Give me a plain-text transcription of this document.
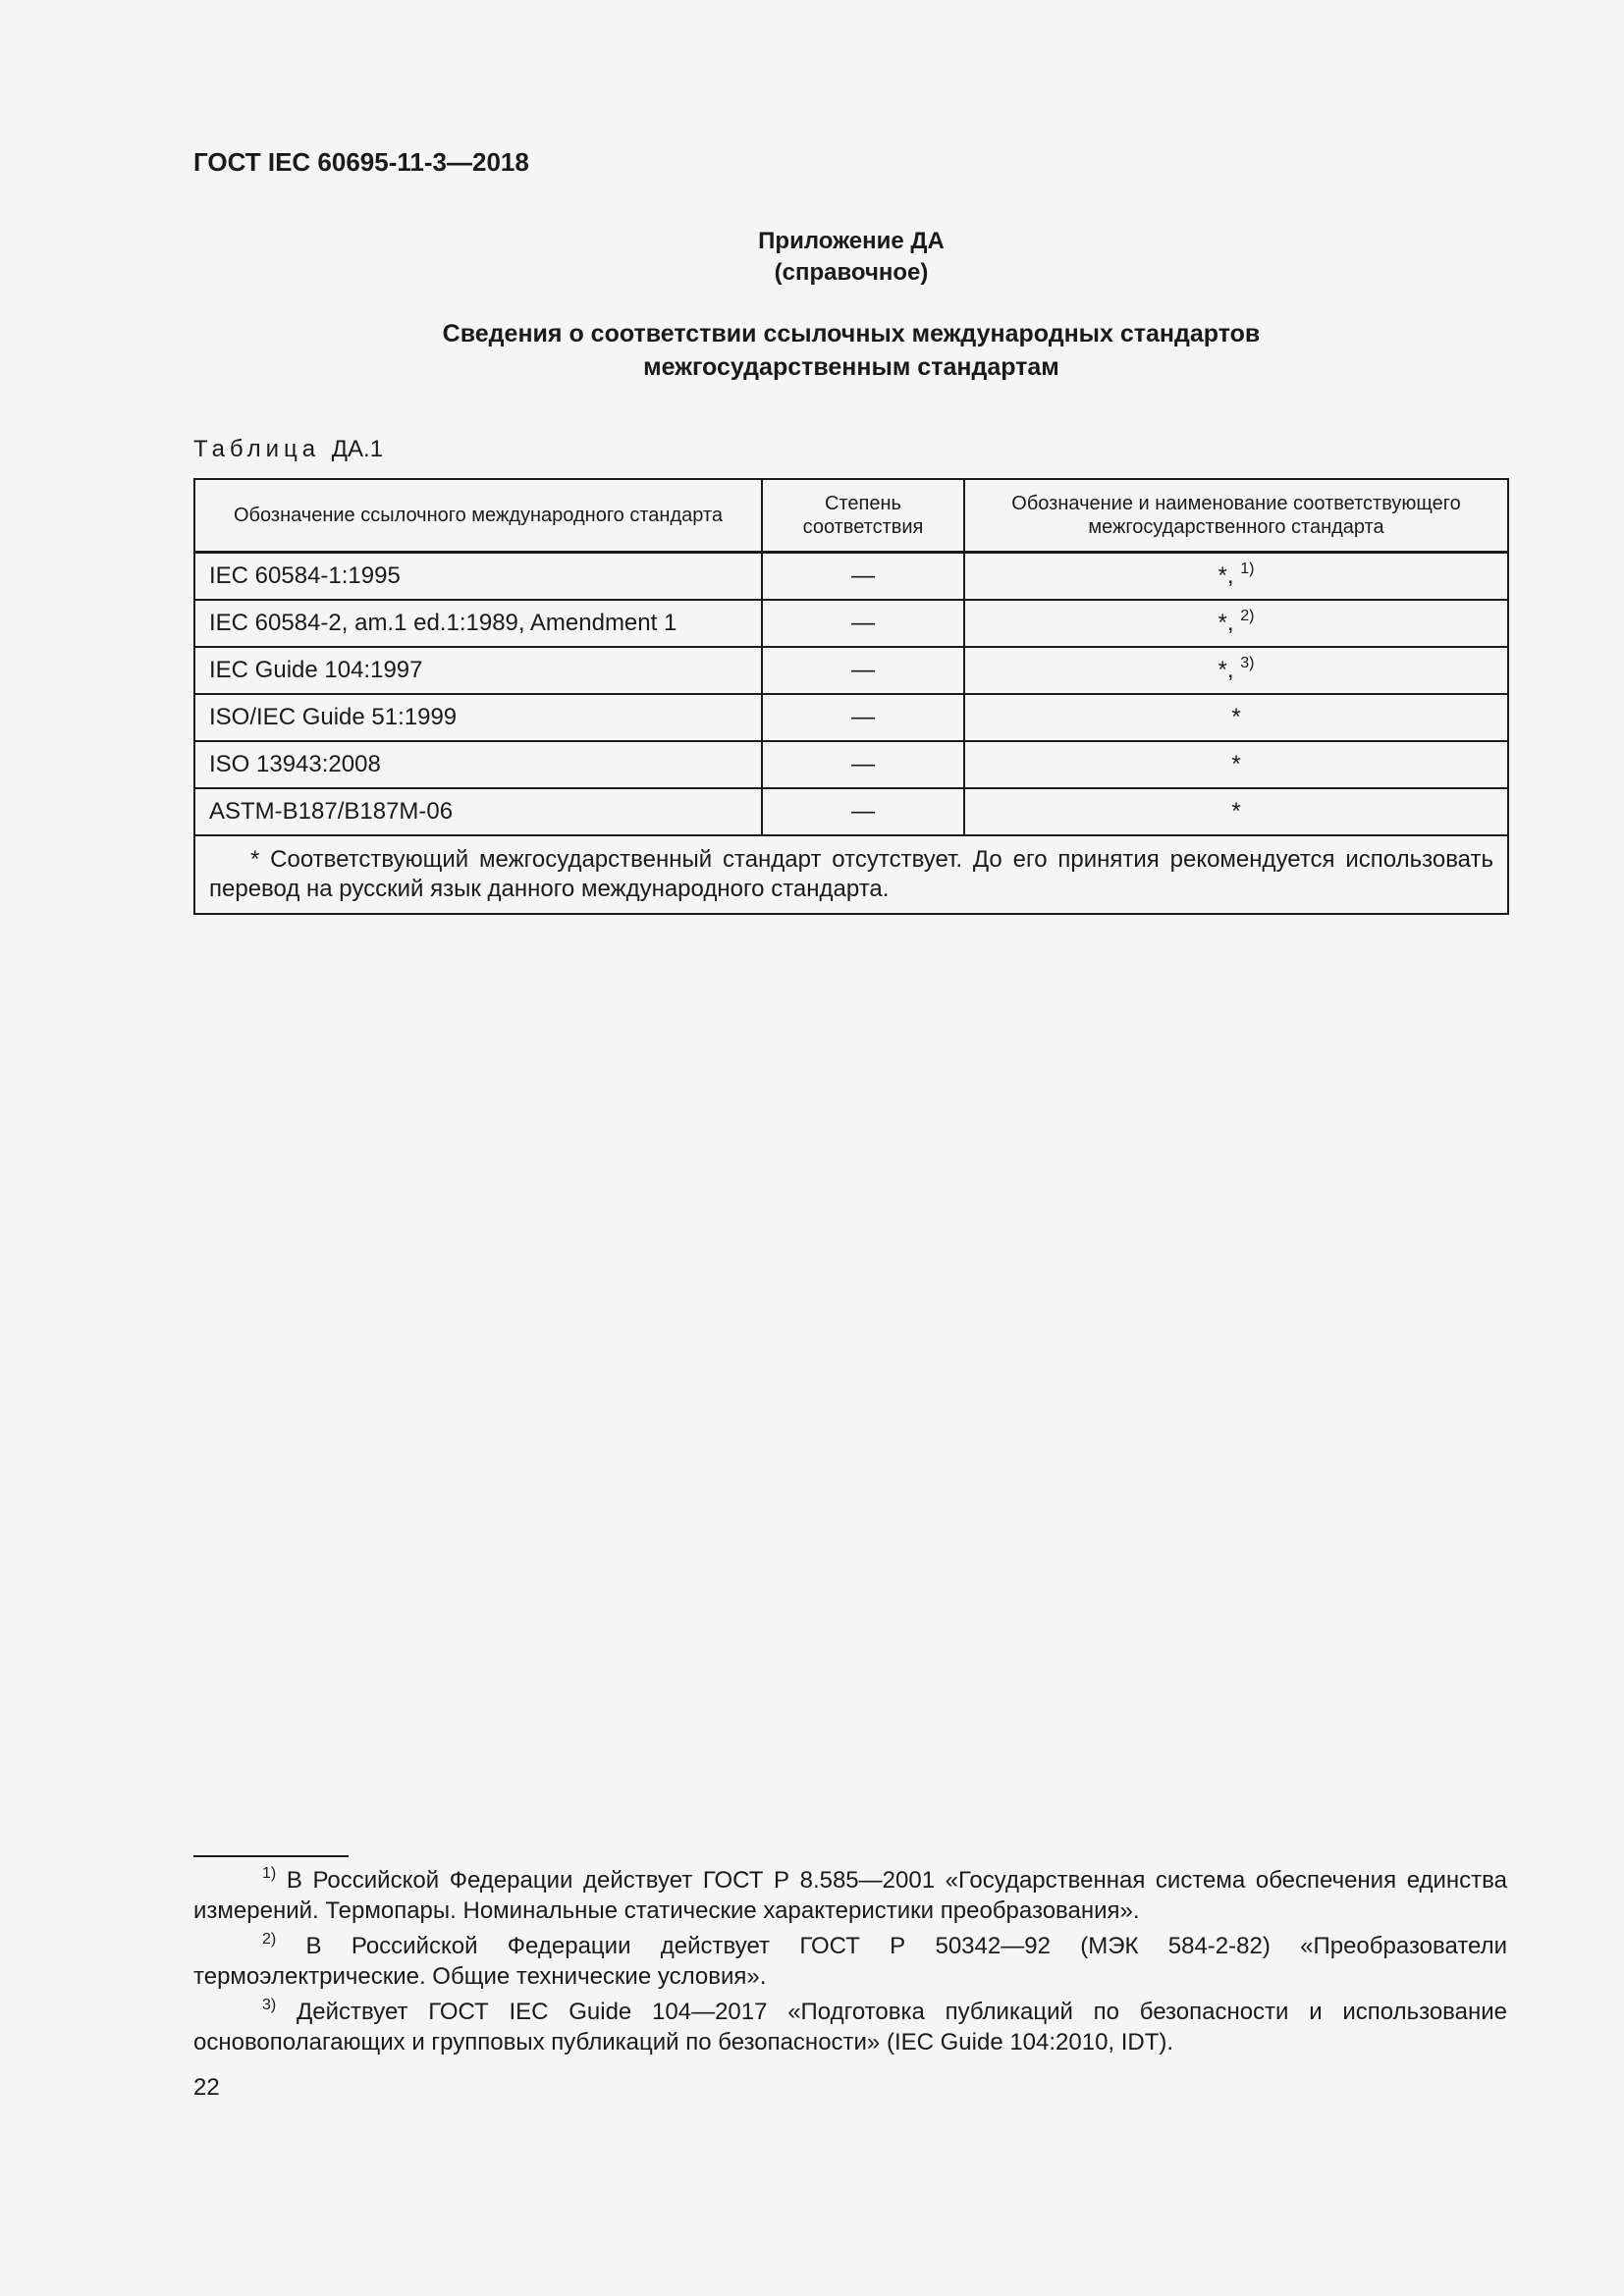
ГОСТ IEC 60695-11-3—2018
Приложение ДА
(справочное)
Сведения о соответствии ссылочных международных стандартов
межгосударственным стандартам
Таблица ДА.1
Обозначение ссылочного международного стандарта	Степень соответствия	Обозначение и наименование соответствующего межгосударственного стандарта
IEC 60584-1:1995	—	*, $^{1)}$
IEC 60584-2, am.1 ed.1:1989, Amendment 1	—	*, $^{2)}$
IEC Guide 104:1997	—	*, $^{3)}$
ISO/IEC Guide 51:1999	—	*
ISO 13943:2008	—	*
ASTM-B187/B187M-06	—	*
* Соответствующий межгосударственный стандарт отсутствует. До его принятия рекомендуется использовать перевод на русский язык данного международного стандарта.		

$^{1)}$ В Российской Федерации действует ГОСТ Р 8.585—2001 «Государственная система обеспечения единства измерений. Термопары. Номинальные статические характеристики преобразования».

$^{2)}$ В Российской Федерации действует ГОСТ Р 50342—92 (МЭК 584-2-82) «Преобразователи термоэлектрические. Общие технические условия».

$^{3)}$ Действует ГОСТ IEC Guide 104—2017 «Подготовка публикаций по безопасности и использование основополагающих и групповых публикаций по безопасности» (IEC Guide 104:2010, IDT).

22
